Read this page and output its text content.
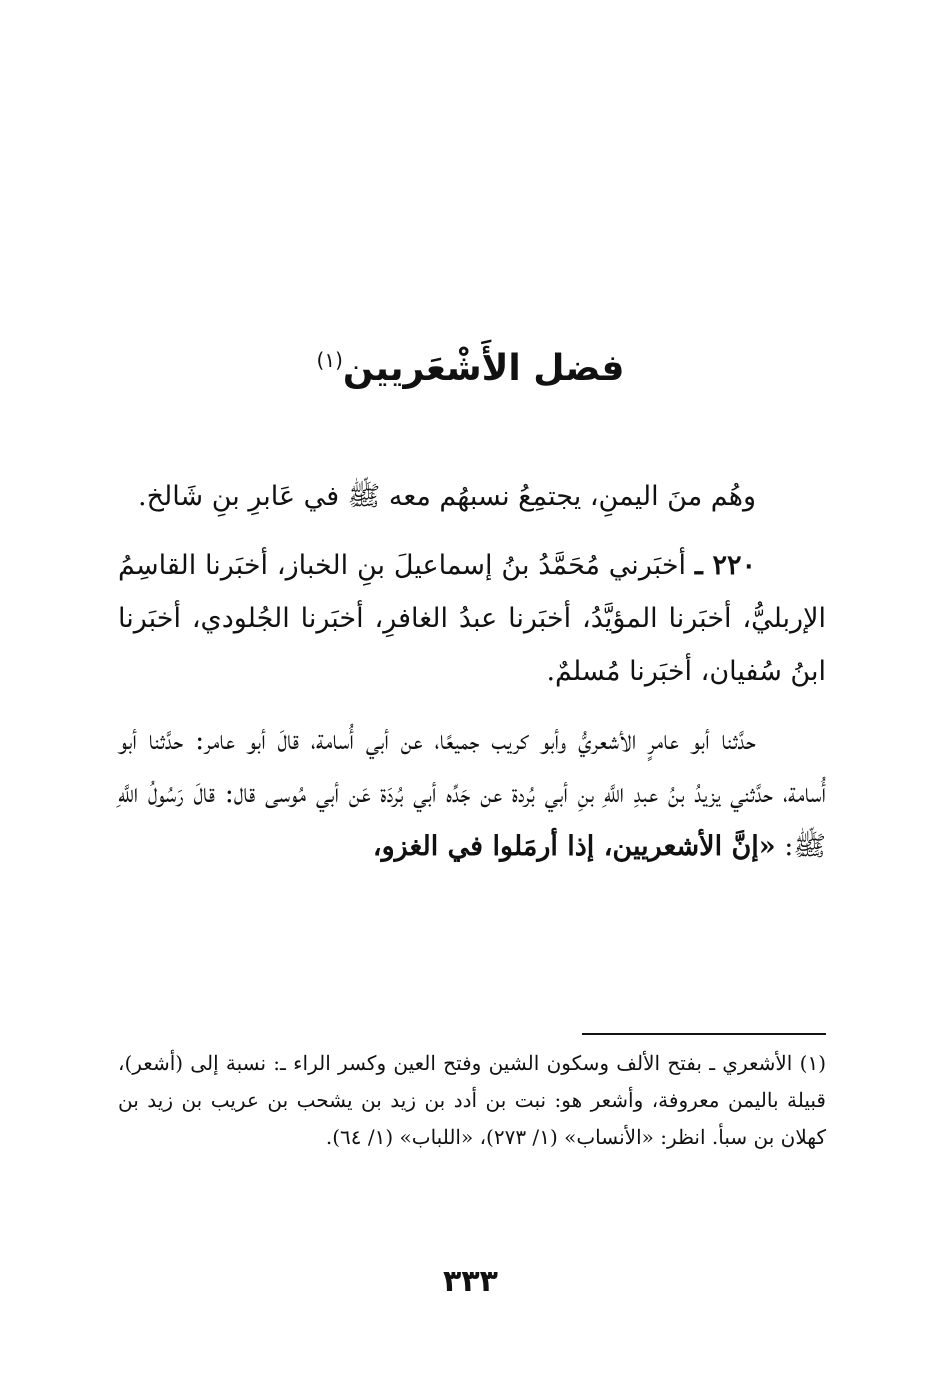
فضل الأَشْعَريين$^{(١)}$

وهُم منَ اليمنِ، يجتمِعُ نسبهُم معه ﷺ في عَابرِ بنِ شَالخ.

٢٢٠ ـ أخبَرني مُحَمَّدُ بنُ إسماعيلَ بنِ الخباز، أخبَرنا القاسِمُ الإربليُّ، أخبَرنا المؤيَّدُ، أخبَرنا عبدُ الغافرِ، أخبَرنا الجُلودي، أخبَرنا ابنُ سُفيان، أخبَرنا مُسلمٌ.

حدَّثنا أبو عامرٍ الأشعريُّ وأبو كريب جميعًا، عن أبي أُسامة، قالَ أبو عامر: حدَّثنا أبو أُسامة، حدَّثني يزيدُ بنُ عبدِ اللَّهِ بنِ أبي بُردة عن جَدِّه أبي بُردَة عَن أبي مُوسى قال: قالَ رَسُولُ اللَّهِ ﷺ: «إنَّ الأشعريين، إذا أرمَلوا في الغزو،

(١) الأشعري ـ بفتح الألف وسكون الشين وفتح العين وكسر الراء ـ: نسبة إلى (أشعر)، قبيلة باليمن معروفة، وأشعر هو: نبت بن أدد بن زيد بن يشحب بن عريب بن زيد بن كهلان بن سبأ. انظر: «الأنساب» (١/ ٢٧٣)، «اللباب» (١/ ٦٤).

٣٣٣
